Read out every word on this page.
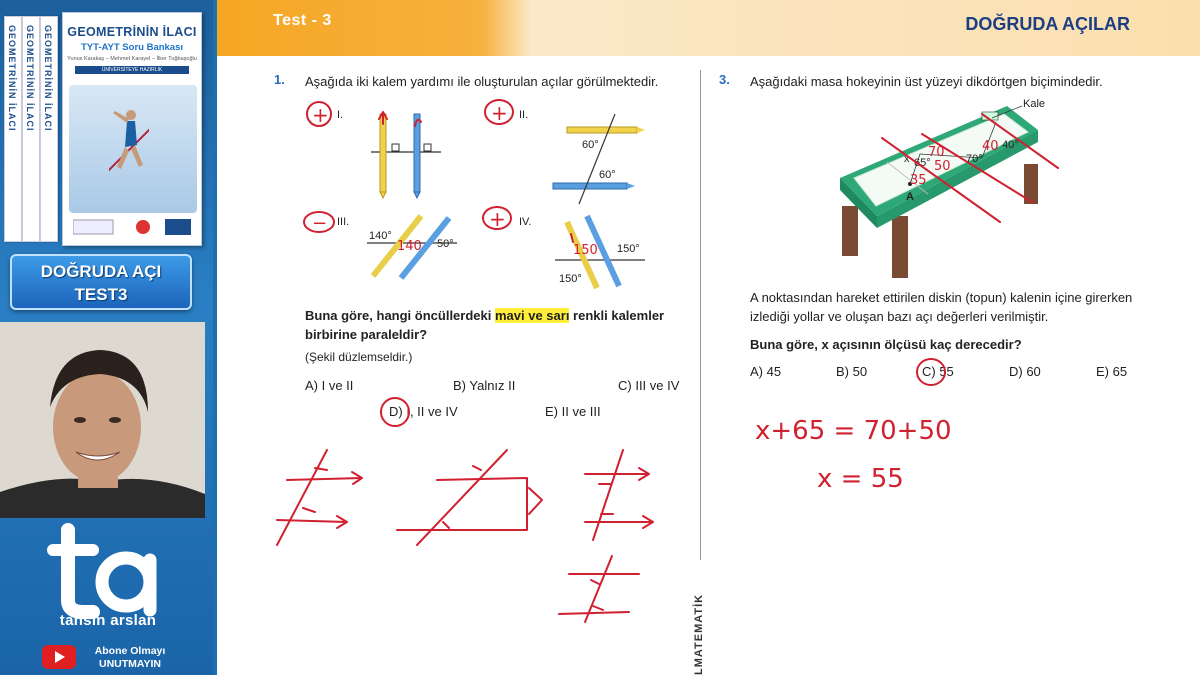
GEOMETRİNİN İLACI GEOMETRİNİN İLACI GEOMETRİNİN İLACI	GEOMETRİNİN İLACI
TYT-AYT Soru Bankası
Yunus Karakaş – Mehmet Karayel – İlker Tuğbaşoğlu
ÜNİVERSİTEYE HAZIRLIK
DOĞRUDA AÇI
TEST3
tahsin arslan
Abone Olmayı
UNUTMAYIN
Test - 3	DOĞRUDA AÇILAR
LMATEMATİK
1. Aşağıda iki kalem yardımı ile oluşturulan açılar görülmektedir.
I.	II.
III.	IV.
60°
60°
140°
50°	150°
150°
+	+
−	+
140	150
Buna göre, hangi öncüllerdeki mavi ve sarı renkli kalemler birbirine paraleldir?
(Şekil düzlemseldir.)
A) I ve II	B) Yalnız II	C) III ve IV
D) I, II ve IV	E) II ve III
3. Aşağıdaki masa hokeyinin üst yüzeyi dikdörtgen biçimindedir.
Kale
x 65°	70°
40°
A
70
50
35
40
A noktasından hareket ettirilen diskin (topun) kalenin içine girerken izlediği yollar ve oluşan bazı açı değerleri verilmiştir.
Buna göre, x açısının ölçüsü kaç derecedir?
A) 45	B) 50	C) 55	D) 60	E) 65
x+65 = 70+50
x = 55
